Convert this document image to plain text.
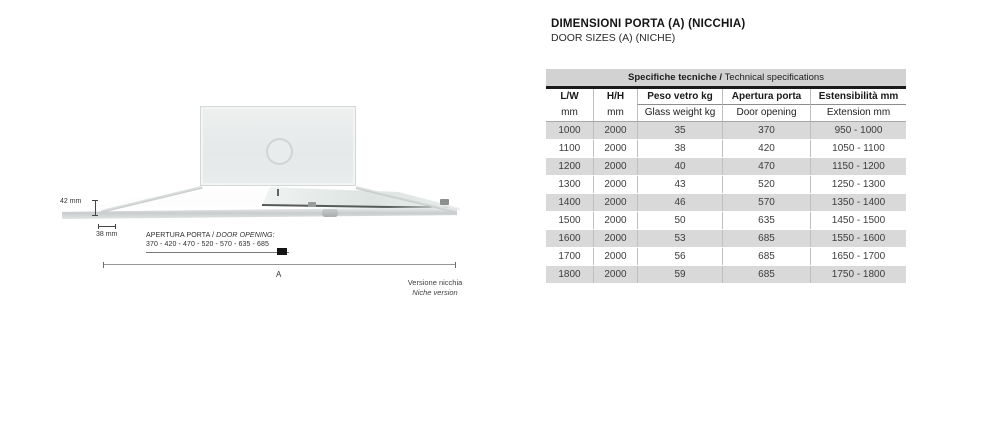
42 mm
38 mm	APERTURA PORTA / DOOR OPENING:
370 - 420 - 470 - 520 - 570 - 635 - 685
A
Versione nicchia
Niche version
DIMENSIONI PORTA (A) (NICCHIA)
DOOR SIZES (A) (NICHE)
Specifiche tecniche / Technical specifications
L/W	H/H	Peso vetro kg	Apertura porta	Estensibilità mm
mm	mm	Glass weight kg	Door opening	Extension mm
1000	2000	35	370	950 - 1000
1100	2000	38	420	1050 - 1100
1200	2000	40	470	1150 - 1200
1300	2000	43	520	1250 - 1300
1400	2000	46	570	1350 - 1400
1500	2000	50	635	1450 - 1500
1600	2000	53	685	1550 - 1600
1700	2000	56	685	1650 - 1700
1800	2000	59	685	1750 - 1800
